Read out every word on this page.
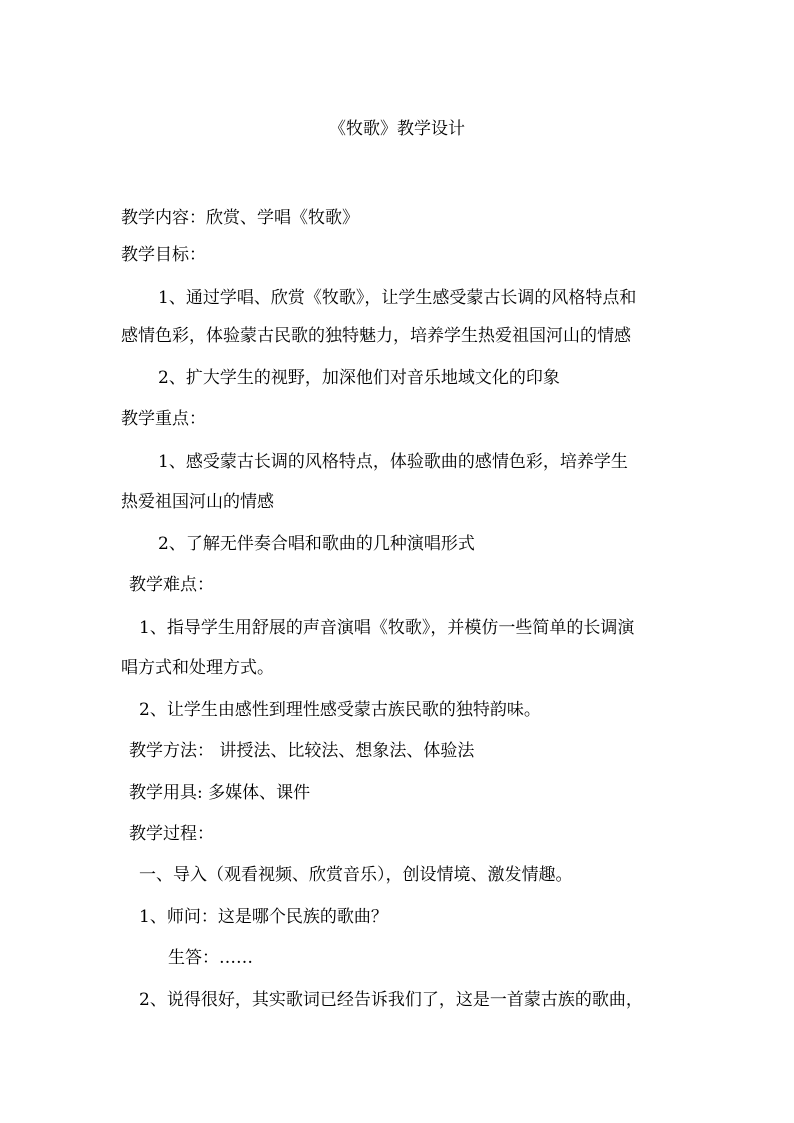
《牧歌》教学设计
教学内容：欣赏、学唱《牧歌》
教学目标：
1、通过学唱、欣赏《牧歌》，让学生感受蒙古长调的风格特点和
感情色彩，体验蒙古民歌的独特魅力，培养学生热爱祖国河山的情感
2、扩大学生的视野，加深他们对音乐地域文化的印象
教学重点：
1、感受蒙古长调的风格特点，体验歌曲的感情色彩，培养学生
热爱祖国河山的情感
2、了解无伴奏合唱和歌曲的几种演唱形式
教学难点：
1、指导学生用舒展的声音演唱《牧歌》，并模仿一些简单的长调演
唱方式和处理方式。
2、让学生由感性到理性感受蒙古族民歌的独特韵味。
教学方法： 讲授法、比较法、想象法、体验法
教学用具: 多媒体、课件
教学过程：
一、导入（观看视频、欣赏音乐），创设情境、激发情趣。
1、师问：这是哪个民族的歌曲？
生答：……
2、说得很好，其实歌词已经告诉我们了，这是一首蒙古族的歌曲，
